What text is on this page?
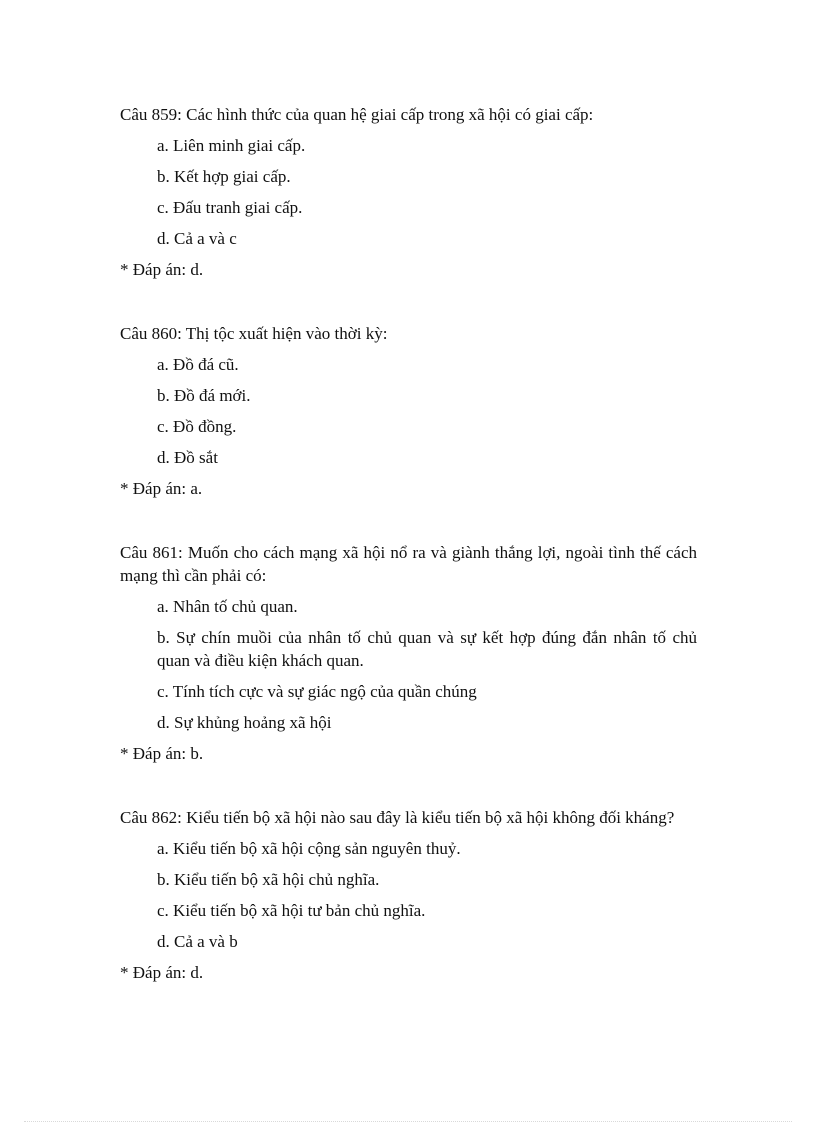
Câu 859: Các hình thức của quan hệ giai cấp trong xã hội có giai cấp:

a. Liên minh giai cấp.

b. Kết hợp giai cấp.

c. Đấu tranh giai cấp.

d. Cả a và c

* Đáp án: d.

Câu 860: Thị tộc xuất hiện vào thời kỳ:

a. Đồ đá cũ.

b. Đồ đá mới.

c. Đồ đồng.

d. Đồ sắt

* Đáp án: a.

Câu 861: Muốn cho cách mạng xã hội nổ ra và giành thắng lợi, ngoài tình thế cách mạng thì cần phải có:

a. Nhân tố chủ quan.

b. Sự chín muồi của nhân tố chủ quan và sự kết hợp đúng đắn nhân tố chủ quan và điều kiện khách quan.

c. Tính tích cực và sự giác ngộ của quần chúng

d. Sự khủng hoảng xã hội

* Đáp án: b.

Câu 862: Kiểu tiến bộ xã hội nào sau đây là kiểu tiến bộ xã hội không đối kháng?

a. Kiểu tiến bộ xã hội cộng sản nguyên thuỷ.

b. Kiểu tiến bộ xã hội chủ nghĩa.

c. Kiểu tiến bộ xã hội tư bản chủ nghĩa.

d. Cả a và b

* Đáp án: d.
